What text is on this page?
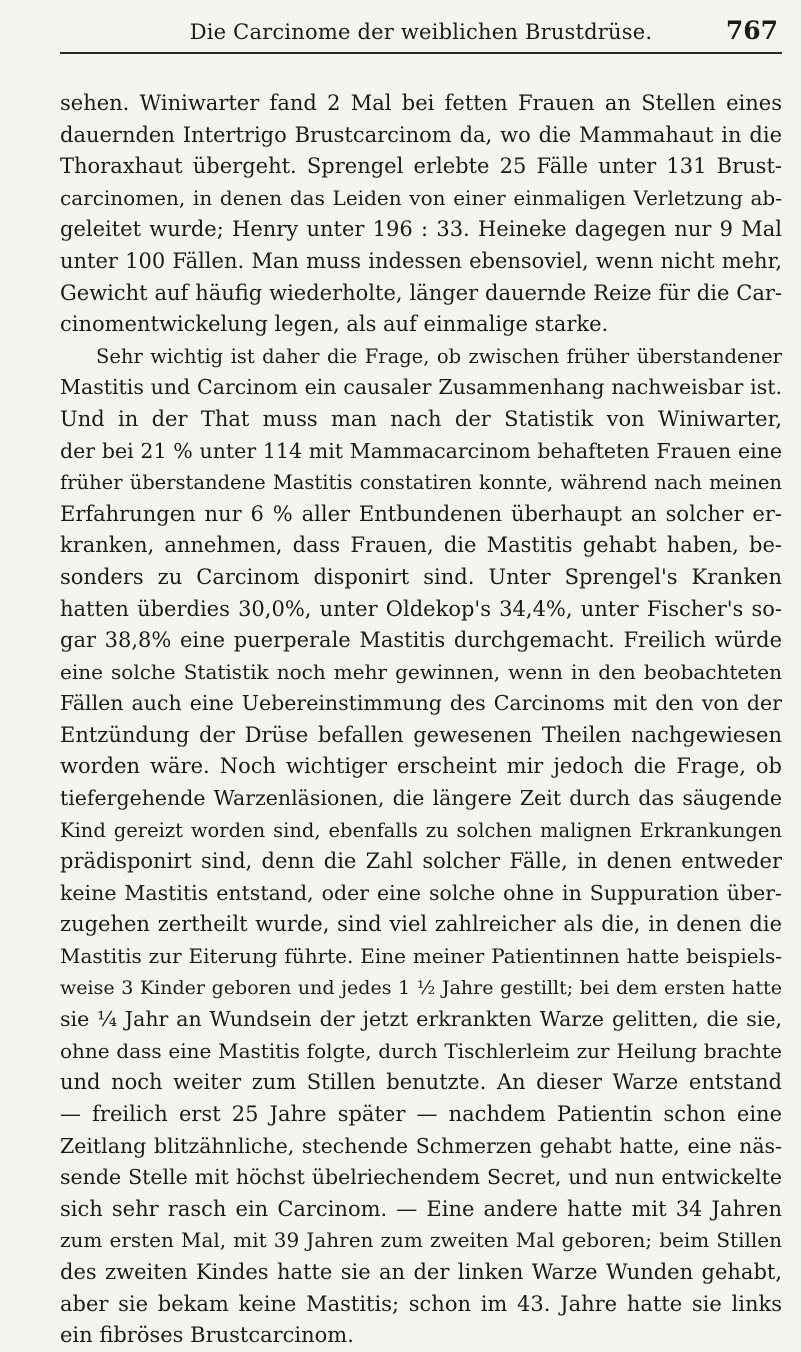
Die Carcinome der weiblichen Brustdrüse.	767
sehen. Winiwarter fand 2 Mal bei fetten Frauen an Stellen eines
dauernden Intertrigo Brustcarcinom da, wo die Mammahaut in die
Thoraxhaut übergeht. Sprengel erlebte 25 Fälle unter 131 Brust-
carcinomen, in denen das Leiden von einer einmaligen Verletzung ab-
geleitet wurde; Henry unter 196 : 33. Heineke dagegen nur 9 Mal
unter 100 Fällen. Man muss indessen ebensoviel, wenn nicht mehr,
Gewicht auf häufig wiederholte, länger dauernde Reize für die Car-
cinomentwickelung legen, als auf einmalige starke.
Sehr wichtig ist daher die Frage, ob zwischen früher überstandener
Mastitis und Carcinom ein causaler Zusammenhang nachweisbar ist.
Und in der That muss man nach der Statistik von Winiwarter,
der bei 21 % unter 114 mit Mammacarcinom behafteten Frauen eine
früher überstandene Mastitis constatiren konnte, während nach meinen
Erfahrungen nur 6 % aller Entbundenen überhaupt an solcher er-
kranken, annehmen, dass Frauen, die Mastitis gehabt haben, be-
sonders zu Carcinom disponirt sind. Unter Sprengel's Kranken
hatten überdies 30,0%, unter Oldekop's 34,4%, unter Fischer's so-
gar 38,8% eine puerperale Mastitis durchgemacht. Freilich würde
eine solche Statistik noch mehr gewinnen, wenn in den beobachteten
Fällen auch eine Uebereinstimmung des Carcinoms mit den von der
Entzündung der Drüse befallen gewesenen Theilen nachgewiesen
worden wäre. Noch wichtiger erscheint mir jedoch die Frage, ob
tiefergehende Warzenläsionen, die längere Zeit durch das säugende
Kind gereizt worden sind, ebenfalls zu solchen malignen Erkrankungen
prädisponirt sind, denn die Zahl solcher Fälle, in denen entweder
keine Mastitis entstand, oder eine solche ohne in Suppuration über-
zugehen zertheilt wurde, sind viel zahlreicher als die, in denen die
Mastitis zur Eiterung führte. Eine meiner Patientinnen hatte beispiels-
weise 3 Kinder geboren und jedes 1 ½ Jahre gestillt; bei dem ersten hatte
sie ¼ Jahr an Wundsein der jetzt erkrankten Warze gelitten, die sie,
ohne dass eine Mastitis folgte, durch Tischlerleim zur Heilung brachte
und noch weiter zum Stillen benutzte. An dieser Warze entstand
— freilich erst 25 Jahre später — nachdem Patientin schon eine
Zeitlang blitzähnliche, stechende Schmerzen gehabt hatte, eine näs-
sende Stelle mit höchst übelriechendem Secret, und nun entwickelte
sich sehr rasch ein Carcinom. — Eine andere hatte mit 34 Jahren
zum ersten Mal, mit 39 Jahren zum zweiten Mal geboren; beim Stillen
des zweiten Kindes hatte sie an der linken Warze Wunden gehabt,
aber sie bekam keine Mastitis; schon im 43. Jahre hatte sie links
ein fibröses Brustcarcinom.
